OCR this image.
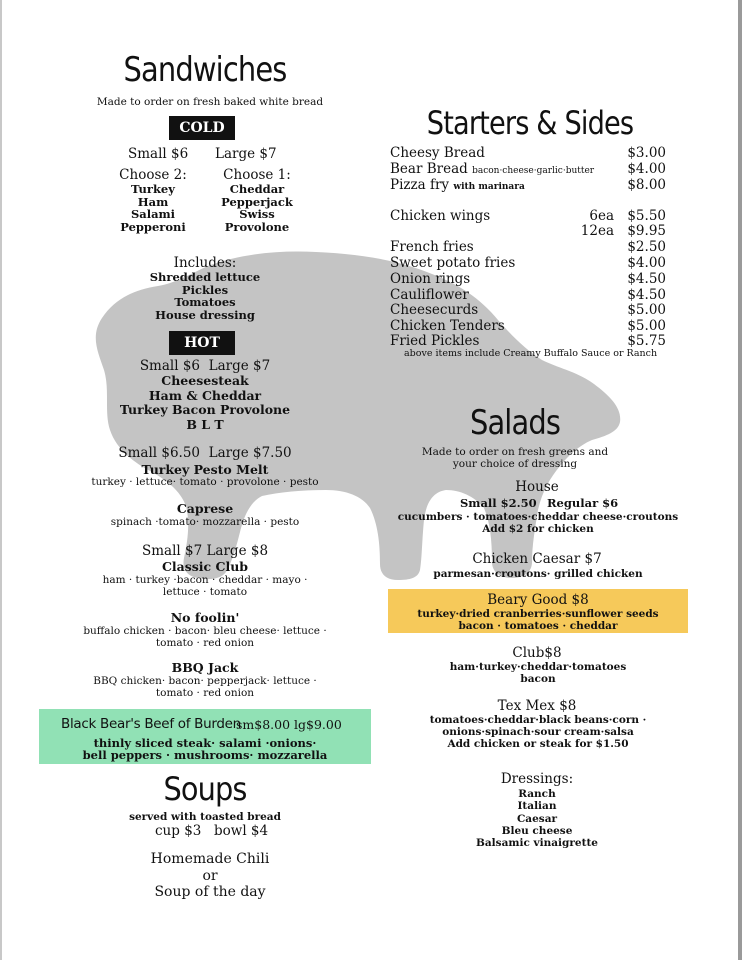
Sandwiches
Made to order on fresh baked white bread
COLD
Small $6 Large $7
Choose 2:	Choose 1:
Turkey
Ham
Salami
Pepperoni
Cheddar
Pepperjack
Swiss
Provolone
Includes:
Shredded lettuce
Pickles
Tomatoes
House dressing
HOT
Small $6  Large $7
Cheesesteak
Ham & Cheddar
Turkey Bacon Provolone
B L T
Small $6.50  Large $7.50
Turkey Pesto Melt
turkey · lettuce· tomato · provolone · pesto
Caprese
spinach ·tomato· mozzarella · pesto
Small $7 Large $8
Classic Club
ham · turkey ·bacon · cheddar · mayo ·
lettuce · tomato
No foolin'
buffalo chicken · bacon· bleu cheese· lettuce ·
tomato · red onion
BBQ Jack
BBQ chicken· bacon· pepperjack· lettuce ·
tomato · red onion
Black Bear's Beef of Burden
sm$8.00 lg$9.00
thinly sliced steak· salami ·onions·
bell peppers · mushrooms· mozzarella
Soups
served with toasted bread
cup $3 bowl $4
Homemade Chili
or
Soup of the day
Starters & Sides
Cheesy Bread	$3.00
Bear Bread bacon·cheese·garlic·butter $4.00
Pizza fry with marinara	$8.00
Chicken wings	6ea $5.50
12ea $9.95
French fries	$2.50
Sweet potato fries	$4.00
Onion rings	$4.50
Cauliflower	$4.50
Cheesecurds	$5.00
Chicken Tenders	$5.00
Fried Pickles	$5.75
above items include Creamy Buffalo Sauce or Ranch
Salads
Made to order on fresh greens and
your choice of dressing
House
Small $2.50 Regular $6
cucumbers · tomatoes·cheddar cheese·croutons
Add $2 for chicken
Chicken Caesar $7
parmesan·croutons· grilled chicken
Beary Good $8
turkey·dried cranberries·sunflower seeds
bacon · tomatoes · cheddar
Club$8
ham·turkey·cheddar·tomatoes
bacon
Tex Mex $8
tomatoes·cheddar·black beans·corn ·
onions·spinach·sour cream·salsa
Add chicken or steak for $1.50
Dressings:
Ranch
Italian
Caesar
Bleu cheese
Balsamic vinaigrette
